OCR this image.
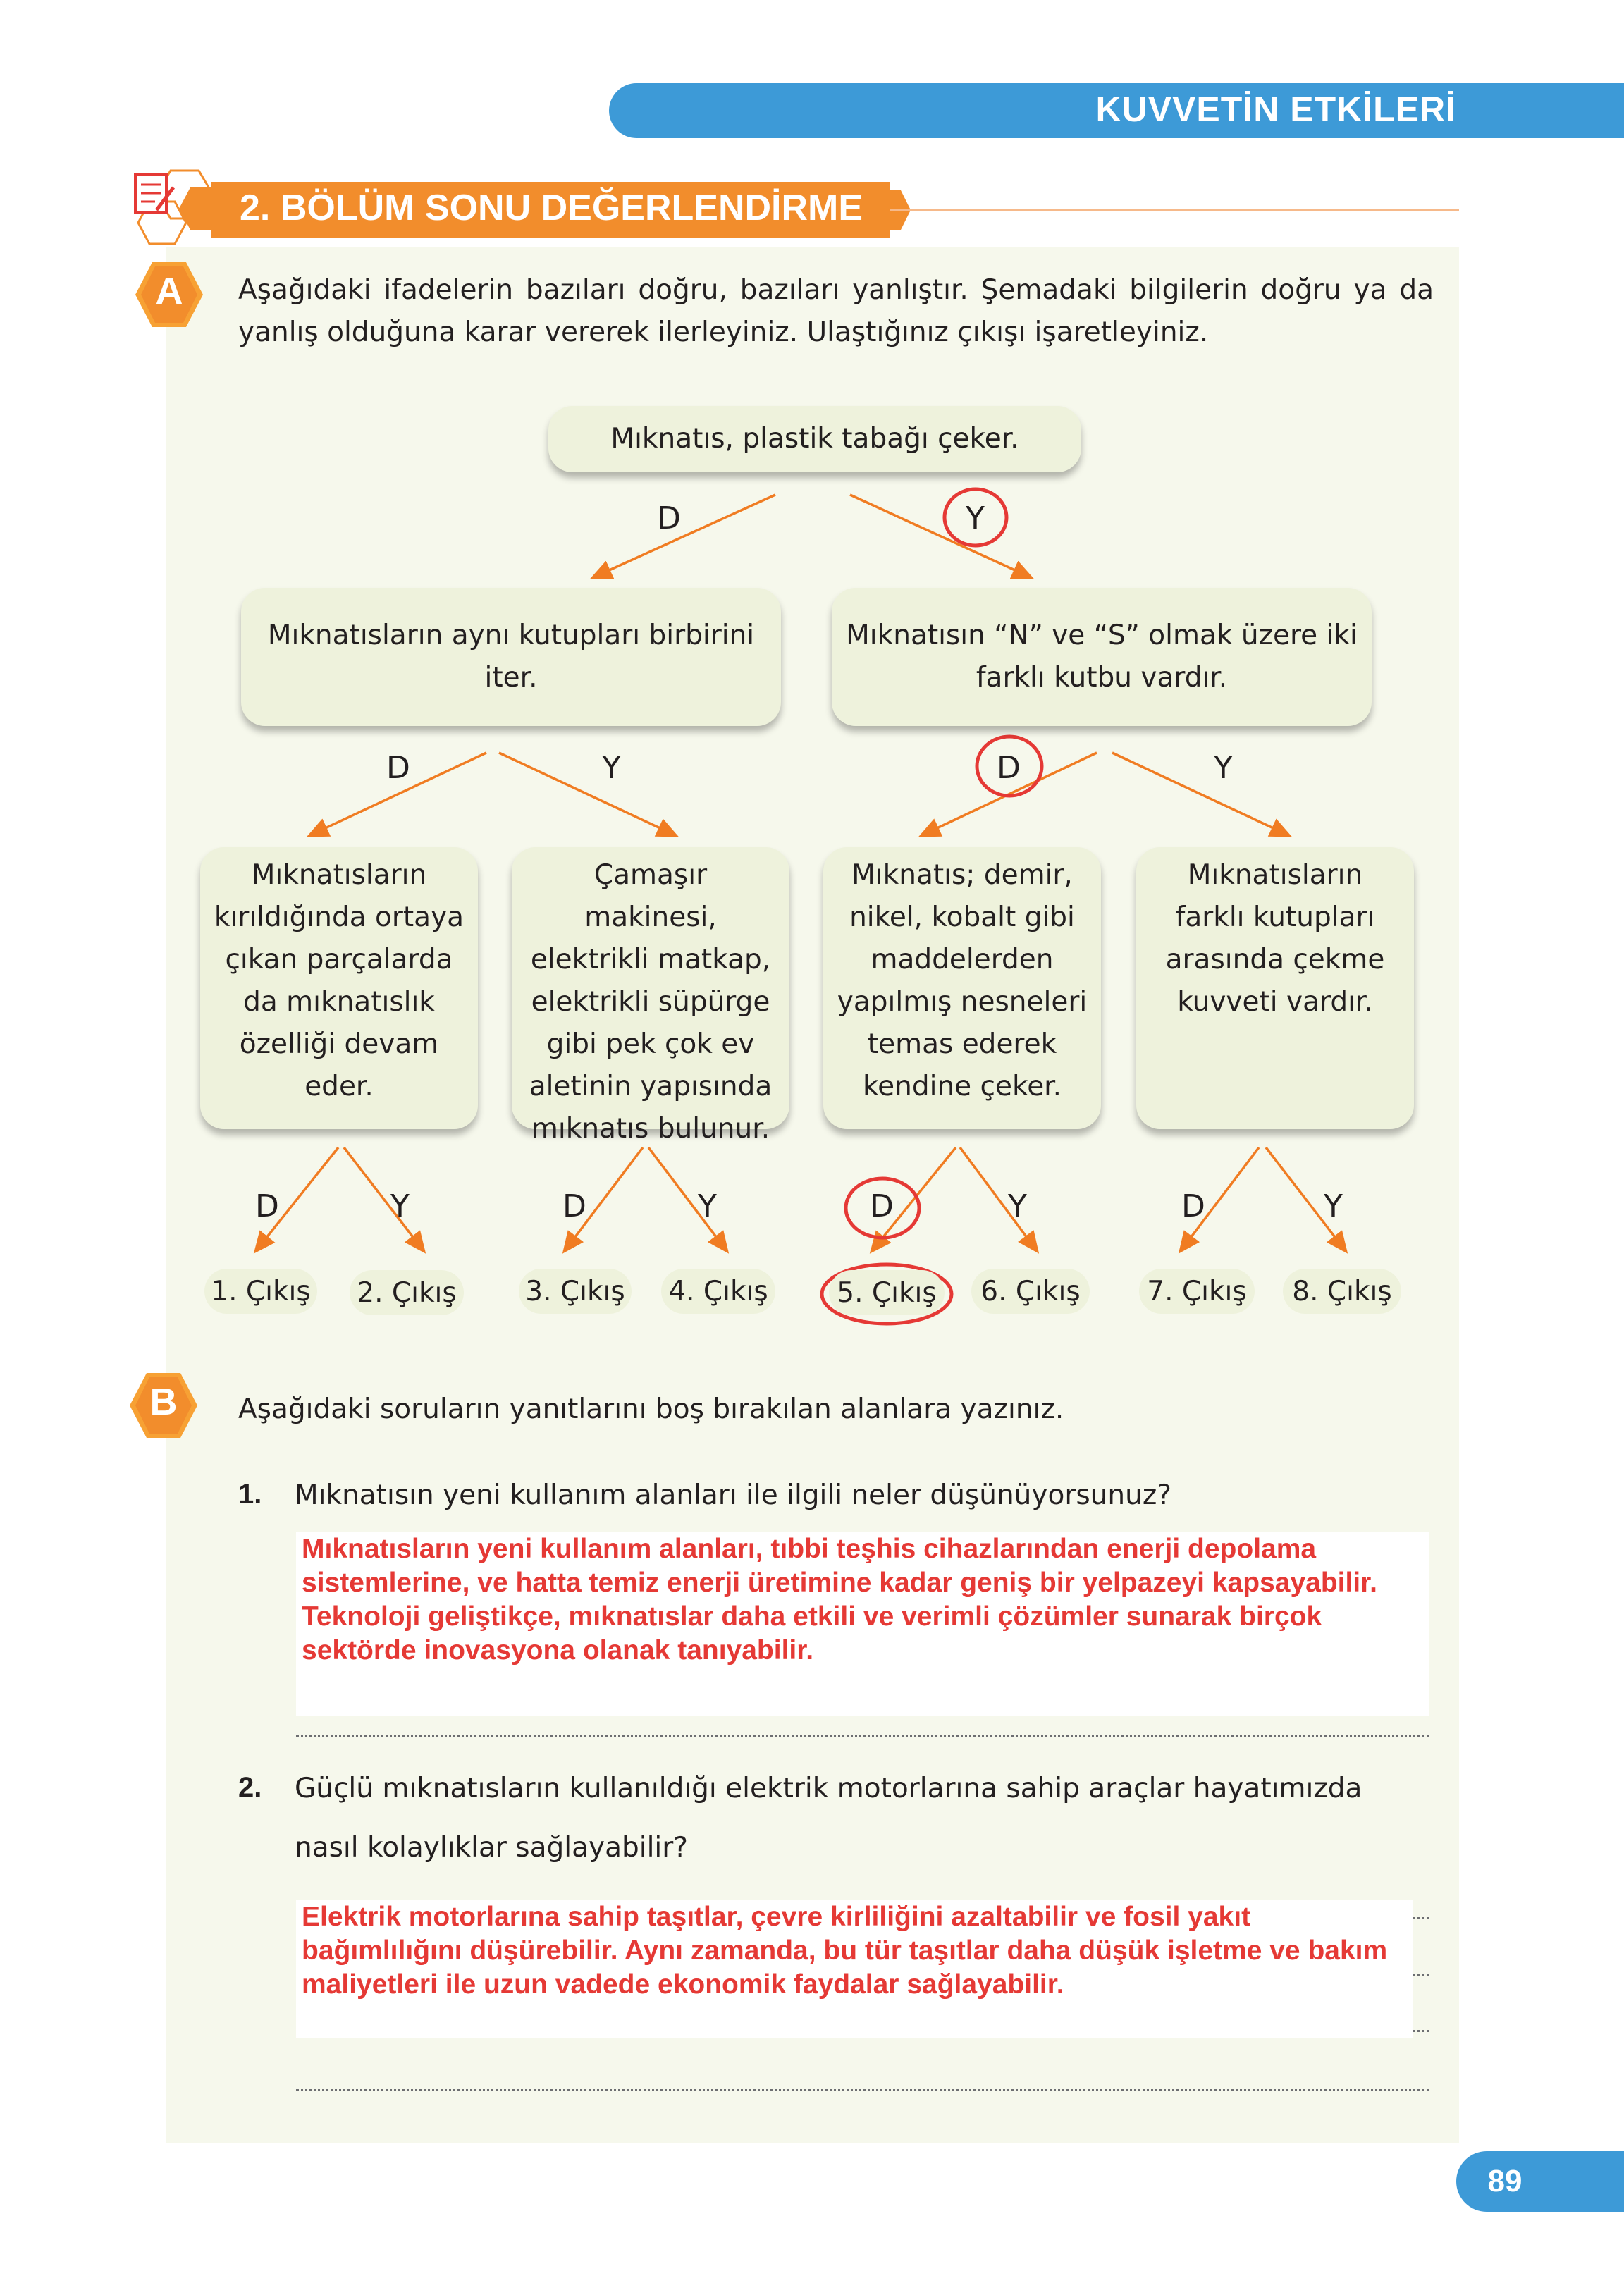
KUVVETİN ETKİLERİ
2. BÖLÜM SONU DEĞERLENDİRME
A	Aşağıdaki ifadelerin bazıları doğru, bazıları yanlıştır. Şemadaki bilgilerin doğru ya da yanlış olduğuna karar vererek ilerleyiniz. Ulaştığınız çıkışı işaretleyiniz.
Mıknatıs, plastik tabağı çeker.
D	Y
Mıknatısların aynı kutupları birbirini iter.
Mıknatısın “N” ve “S” olmak üzere iki farklı kutbu vardır.
D	Y	D	Y
Mıknatısların kırıldığında ortaya çıkan parçalarda da mıknatıslık özelliği devam eder.
Çamaşır makinesi, elektrikli matkap, elektrikli süpürge gibi pek çok ev aletinin yapısında mıknatıs bulunur.
Mıknatıs; demir, nikel, kobalt gibi maddelerden yapılmış nesneleri temas ederek kendine çeker.
Mıknatısların farklı kutupları arasında çekme kuvveti vardır.
D	Y	D	Y	D	Y	D	Y
1. Çıkış 2. Çıkış	3. Çıkış 4. Çıkış	5. Çıkış	6. Çıkış	7. Çıkış	8. Çıkış
B	Aşağıdaki soruların yanıtlarını boş bırakılan alanlara yazınız.
1. Mıknatısın yeni kullanım alanları ile ilgili neler düşünüyorsunuz?
Mıknatısların yeni kullanım alanları, tıbbi teşhis cihazlarından enerji depolama sistemlerine, ve hatta temiz enerji üretimine kadar geniş bir yelpazeyi kapsayabilir. Teknoloji geliştikçe, mıknatıslar daha etkili ve verimli çözümler sunarak birçok sektörde inovasyona olanak tanıyabilir.
2. Güçlü mıknatısların kullanıldığı elektrik motorlarına sahip araçlar hayatımızda nasıl kolaylıklar sağlayabilir?
Elektrik motorlarına sahip taşıtlar, çevre kirliliğini azaltabilir ve fosil yakıt bağımlılığını düşürebilir. Aynı zamanda, bu tür taşıtlar daha düşük işletme ve bakım maliyetleri ile uzun vadede ekonomik faydalar sağlayabilir.
89
